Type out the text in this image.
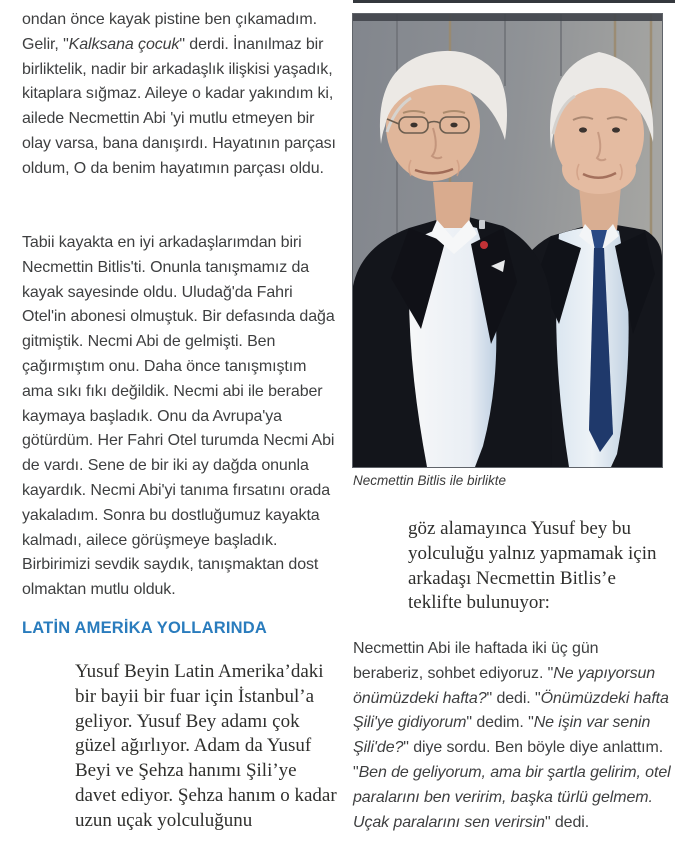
ondan önce kayak pistine ben çıkamadım. Gelir, "Kalksana çocuk" derdi. İnanılmaz bir birliktelik, nadir bir arkadaşlık ilişkisi yaşadık, kitaplara sığmaz. Aileye o kadar yakındım ki, ailede Necmettin Abi 'yi mutlu etmeyen bir olay varsa, bana danışırdı. Hayatının parçası oldum, O da benim hayatımın parçası oldu.

Tabii kayakta en iyi arkadaşlarımdan biri Necmettin Bitlis'ti. Onunla tanışmamız da kayak sayesinde oldu. Uludağ'da Fahri Otel'in abonesi olmuştuk. Bir defasında dağa gitmiştik. Necmi Abi de gelmişti. Ben çağırmıştım onu. Daha önce tanışmıştım ama sıkı fıkı değildik. Necmi abi ile beraber kaymaya başladık. Onu da Avrupa'ya götürdüm. Her Fahri Otel turumda Necmi Abi de vardı. Sene de bir iki ay dağda onunla kayardık. Necmi Abi'yi tanıma fırsatını orada yakaladım. Sonra bu dostluğumuz kayakta kalmadı, ailece görüşmeye başladık. Birbirimizi sevdik saydık, tanışmaktan dost olmaktan mutlu olduk.

LATİN AMERİKA YOLLARINDA

Yusuf Beyin Latin Amerika’daki bir bayii bir fuar için İstanbul’a geliyor. Yusuf Bey adamı çok güzel ağırlıyor. Adam da Yusuf Beyi ve Şehza hanımı Şili’ye davet ediyor. Şehza hanım o kadar uzun uçak yolculuğunu

Necmettin Bitlis ile birlikte

göz alamayınca Yusuf bey bu yolculuğu yalnız yapmamak için arkadaşı Necmettin Bitlis’e teklifte bulunuyor:

Necmettin Abi ile haftada iki üç gün beraberiz, sohbet ediyoruz. "Ne yapıyorsun önümüzdeki hafta?" dedi. "Önümüzdeki hafta Şili'ye gidiyorum" dedim. "Ne işin var senin Şili'de?" diye sordu. Ben böyle diye anlattım. "Ben de geliyorum, ama bir şartla gelirim, otel paralarını ben veririm, başka türlü gelmem. Uçak paralarını sen verirsin" dedi.
